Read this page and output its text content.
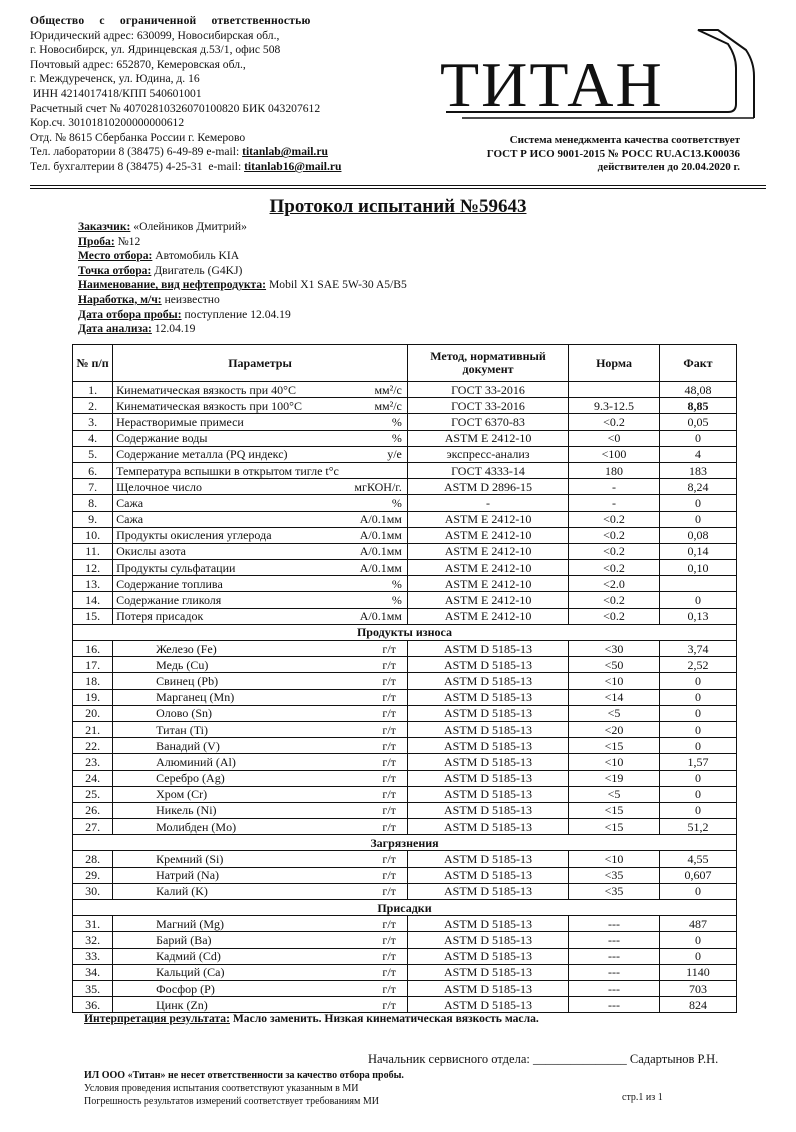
Общество с ограниченной ответственностью
Юридический адрес: 630099, Новосибирская обл.,
г. Новосибирск, ул. Ядринцевская д.53/1, офис 508
Почтовый адрес: 652870, Кемеровская обл.,
г. Междуреченск, ул. Юдина, д. 16
ИНН 4214017418/КПП 540601001
Расчетный счет № 40702810326070100820 БИК 043207612
Кор.сч. 30101810200000000612
Отд. № 8615 Сбербанка России г. Кемерово
Тел. лаборатории 8 (38475) 6-49-89 e-mail: titanlab@mail.ru
Тел. бухгалтерии 8 (38475) 4-25-31  e-mail: titanlab16@mail.ru
ТИТАН
Система менеджмента качества соответствует
ГОСТ Р ИСО 9001-2015 № РОСС RU.AC13.K00036
действителен до 20.04.2020 г.
Протокол испытаний №59643
Заказчик: «Олейников Дмитрий»
Проба: №12
Место отбора: Автомобиль KIA
Точка отбора: Двигатель (G4KJ)
Наименование, вид нефтепродукта: Mobil X1 SAE 5W-30 A5/B5
Наработка, м/ч: неизвестно
Дата отбора пробы: поступление 12.04.19
Дата анализа: 12.04.19
№ п/п	Параметры	Метод, нормативный документ	Норма	Факт
1.	Кинематическая вязкость при 40°С мм²/с	ГОСТ 33-2016		48,08
2.	Кинематическая вязкость при 100°С мм²/с	ГОСТ 33-2016	9.3-12.5	8,85
3.	Нерастворимые примеси %	ГОСТ 6370-83	<0.2	0,05
4.	Содержание воды %	ASTM E 2412-10	<0	0
5.	Содержание металла (PQ индекс) у/е	экспресс-анализ	<100	4
6.	Температура вспышки в открытом тигле t°c	ГОСТ 4333-14	180	183
7.	Щелочное число мгКОН/г.	ASTM D 2896-15	-	8,24
8.	Сажа %	-	-	0
9.	Сажа А/0.1мм	ASTM E 2412-10	<0.2	0
10.	Продукты окисления углерода А/0.1мм	ASTM E 2412-10	<0.2	0,08
11.	Окислы азота А/0.1мм	ASTM E 2412-10	<0.2	0,14
12.	Продукты сульфатации А/0.1мм	ASTM E 2412-10	<0.2	0,10
13.	Содержание топлива %	ASTM E 2412-10	<2.0	
14.	Содержание гликоля %	ASTM E 2412-10	<0.2	0
15.	Потеря присадок А/0.1мм	ASTM E 2412-10	<0.2	0,13
Продукты износа				
16.	Железо (Fe) г/т	ASTM D 5185-13	<30	3,74
17.	Медь (Cu) г/т	ASTM D 5185-13	<50	2,52
18.	Свинец (Pb) г/т	ASTM D 5185-13	<10	0
19.	Марганец (Mn) г/т	ASTM D 5185-13	<14	0
20.	Олово (Sn) г/т	ASTM D 5185-13	<5	0
21.	Титан (Ti) г/т	ASTM D 5185-13	<20	0
22.	Ванадий (V) г/т	ASTM D 5185-13	<15	0
23.	Алюминий (Al) г/т	ASTM D 5185-13	<10	1,57
24.	Серебро (Ag) г/т	ASTM D 5185-13	<19	0
25.	Хром (Cr) г/т	ASTM D 5185-13	<5	0
26.	Никель (Ni) г/т	ASTM D 5185-13	<15	0
27.	Молибден (Mo) г/т	ASTM D 5185-13	<15	51,2
Загрязнения				
28.	Кремний (Si) г/т	ASTM D 5185-13	<10	4,55
29.	Натрий (Na) г/т	ASTM D 5185-13	<35	0,607
30.	Калий (K) г/т	ASTM D 5185-13	<35	0
Присадки				
31.	Магний (Mg) г/т	ASTM D 5185-13	---	487
32.	Барий (Ba) г/т	ASTM D 5185-13	---	0
33.	Кадмий (Cd) г/т	ASTM D 5185-13	---	0
34.	Кальций (Ca) г/т	ASTM D 5185-13	---	1140
35.	Фосфор (P) г/т	ASTM D 5185-13	---	703
36.	Цинк (Zn) г/т	ASTM D 5185-13	---	824
Интерпретация результата: Масло заменить. Низкая кинематическая вязкость масла.
Начальник сервисного отдела: _______________ Садартынов Р.Н.
ИЛ ООО «Титан» не несет ответственности за качество отбора пробы.
Условия проведения испытания соответствуют указанным в МИ
Погрешность результатов измерений соответствует требованиям МИ	стр.1 из 1
